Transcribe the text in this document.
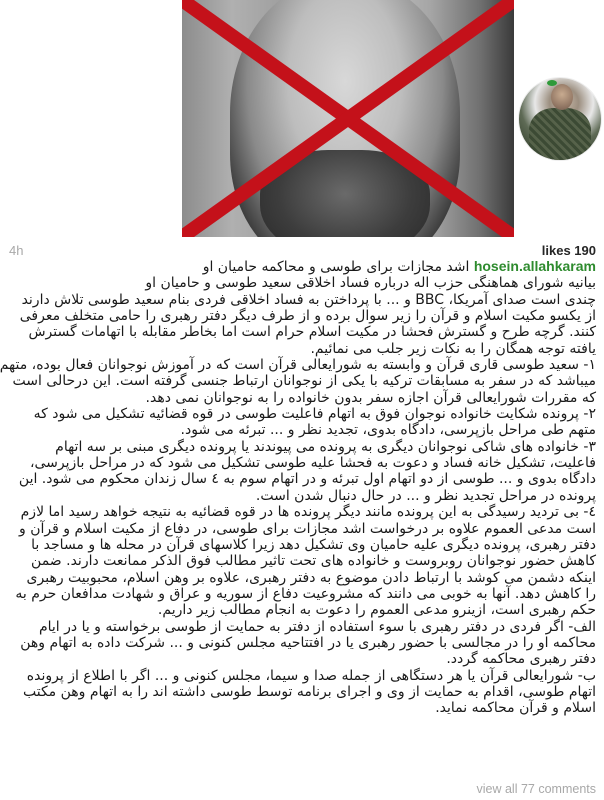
4h	likes 190

hosein.allahkaram اشد مجازات برای طوسی و محاکمه حامیان او

بیانیه شورای هماهنگی حزب اله درباره فساد اخلاقی سعید طوسی و حامیان او

چندی است صدای آمریکا، BBC و ... با پرداختن به فساد اخلاقی فردی بنام سعید طوسی تلاش دارند

از یکسو مکیت اسلام و قرآن را زیر سوال برده و از طرف دیگر دفتر رهبری را حامی متخلف معرفی

کنند. گرچه طرح و گسترش فحشا در مکیت اسلام حرام است اما بخاطر مقابله با اتهامات گسترش

یافته توجه همگان را به نکات زیر جلب می نمائیم.

۱- سعید طوسی قاری قرآن و وابسته به شورایعالی قرآن است که در آموزش نوجوانان فعال بوده، متهم

میباشد که در سفر به مسابقات ترکیه با یکی از نوجوانان ارتباط جنسی گرفته است. این درحالی است

که مقررات شورایعالی قرآن اجازه سفر بدون خانواده را به نوجوانان نمی دهد.

۲- پرونده شکایت خانواده نوجوان فوق به اتهام فاعلیت طوسی در قوه قضائیه تشکیل می شود که

متهم طی مراحل بازپرسی، دادگاه بدوی، تجدید نظر و ... تبرئه می شود.

۳- خانواده های شاکی نوجوانان دیگری به پرونده می پیوندند یا پرونده دیگری مبنی بر سه اتهام

فاعلیت، تشکیل خانه فساد و دعوت به فحشا علیه طوسی تشکیل می شود که در مراحل بازپرسی،

دادگاه بدوی و ... طوسی از دو اتهام اول تبرئه و در اتهام سوم به ٤ سال زندان محکوم می شود. این

پرونده در مراحل تجدید نظر و ... در حال دنبال شدن است.

٤- بی تردید رسیدگی به این پرونده مانند دیگر پرونده ها در قوه قضائیه به نتیجه خواهد رسید اما لازم

است مدعی العموم علاوه بر درخواست اشد مجازات برای طوسی، در دفاع از مکیت اسلام و قرآن و

دفتر رهبری، پرونده دیگری علیه حامیان وی تشکیل دهد زیرا کلاسهای قرآن در محله ها و مساجد با

کاهش حضور نوجوانان روبروست و خانواده های تحت تاثیر مطالب فوق الذکر ممانعت دارند. ضمن

اینکه دشمن می کوشد با ارتباط دادن موضوع به دفتر رهبری، علاوه بر وهن اسلام، محبوبیت رهبری

را کاهش دهد. آنها به خوبی می دانند که مشروعیت دفاع از سوریه و عراق و شهادت مدافعان حرم به

حکم رهبری است، ازینرو مدعی العموم را دعوت به انجام مطالب زیر داریم.

الف- اگر فردی در دفتر رهبری با سوء استفاده از دفتر به حمایت از طوسی برخواسته و یا در ایام

محاکمه او را در مجالسی با حضور رهبری یا در افتتاحیه مجلس کنونی و ... شرکت داده به اتهام وهن

دفتر رهبری محاکمه گردد.

ب- شورایعالی قرآن یا هر دستگاهی از جمله صدا و سیما، مجلس کنونی و ... اگر با اطلاع از پرونده

اتهام طوسی، اقدام به حمایت از وی و اجرای برنامه توسط طوسی داشته اند را به اتهام وهن مکتب

اسلام و قرآن محاکمه نماید.

view all 77 comments
